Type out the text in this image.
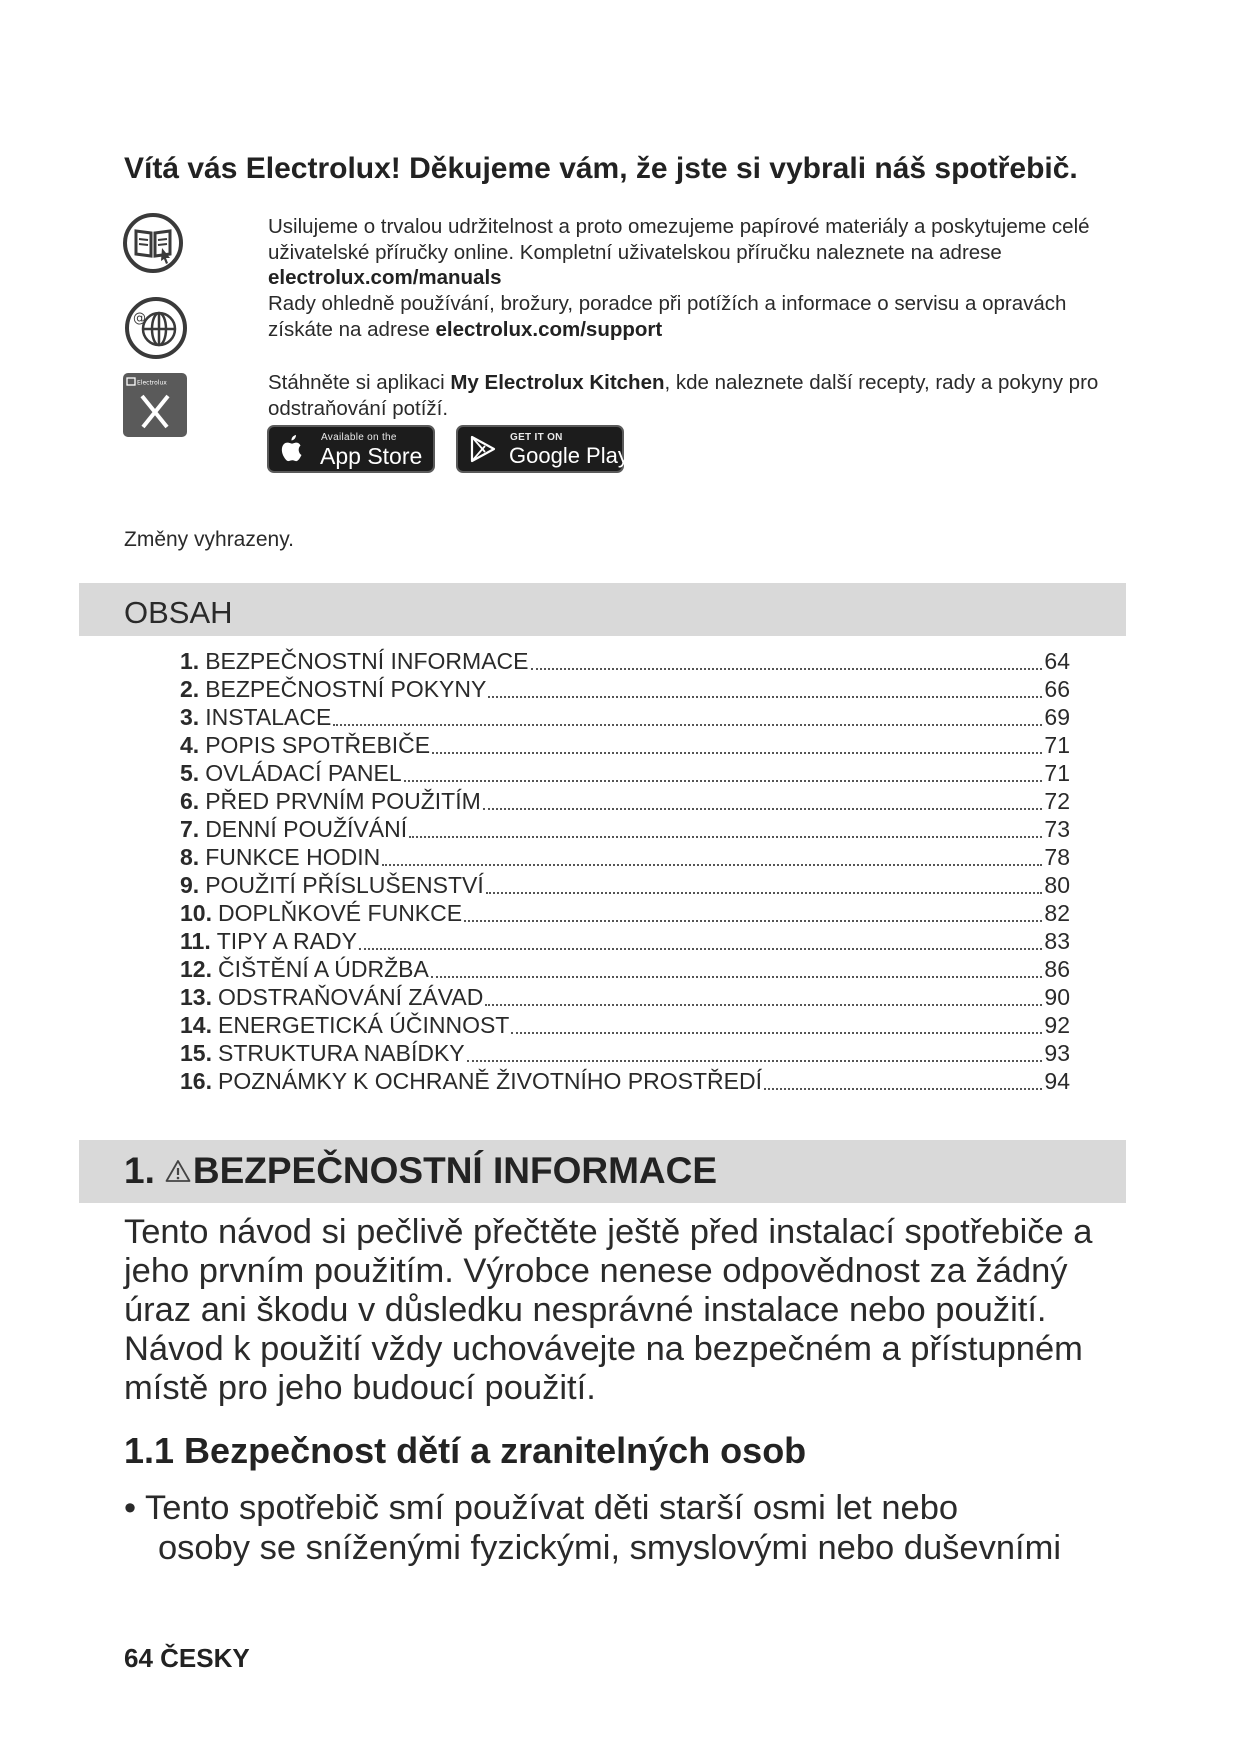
Vítá vás Electrolux! Děkujeme vám, že jste si vybrali náš spotřebič.
@
Electrolux
Usilujeme o trvalou udržitelnost a proto omezujeme papírové materiály a poskytujeme celé uživatelské příručky online. Kompletní uživatelskou příručku naleznete na adrese
electrolux.com/manuals
Rady ohledně používání, brožury, poradce při potížích a informace o servisu a opravách získáte na adrese electrolux.com/support
Stáhněte si aplikaci My Electrolux Kitchen, kde naleznete další recepty, rady a pokyny pro odstraňování potíží.
Available on the
App Store
GET IT ON
Google Play
Změny vyhrazeny.
OBSAH
1. BEZPEČNOSTNÍ INFORMACE	64
2. BEZPEČNOSTNÍ POKYNY	66
3. INSTALACE	69
4. POPIS SPOTŘEBIČE	71
5. OVLÁDACÍ PANEL	71
6. PŘED PRVNÍM POUŽITÍM	72
7. DENNÍ POUŽÍVÁNÍ	73
8. FUNKCE HODIN	78
9. POUŽITÍ PŘÍSLUŠENSTVÍ	80
10. DOPLŇKOVÉ FUNKCE	82
11. TIPY A RADY	83
12. ČIŠTĚNÍ A ÚDRŽBA	86
13. ODSTRAŇOVÁNÍ ZÁVAD	90
14. ENERGETICKÁ ÚČINNOST	92
15. STRUKTURA NABÍDKY	93
16. POZNÁMKY K OCHRANĚ ŽIVOTNÍHO PROSTŘEDÍ	94
1. BEZPEČNOSTNÍ INFORMACE
Tento návod si pečlivě přečtěte ještě před instalací spotřebiče a jeho prvním použitím. Výrobce nenese odpovědnost za žádný úraz ani škodu v důsledku nesprávné instalace nebo použití. Návod k použití vždy uchovávejte na bezpečném a přístupném místě pro jeho budoucí použití.
1.1 Bezpečnost dětí a zranitelných osob
• Tento spotřebič smí používat děti starší osmi let nebo
osoby se sníženými fyzickými, smyslovými nebo duševními
64 ČESKY
